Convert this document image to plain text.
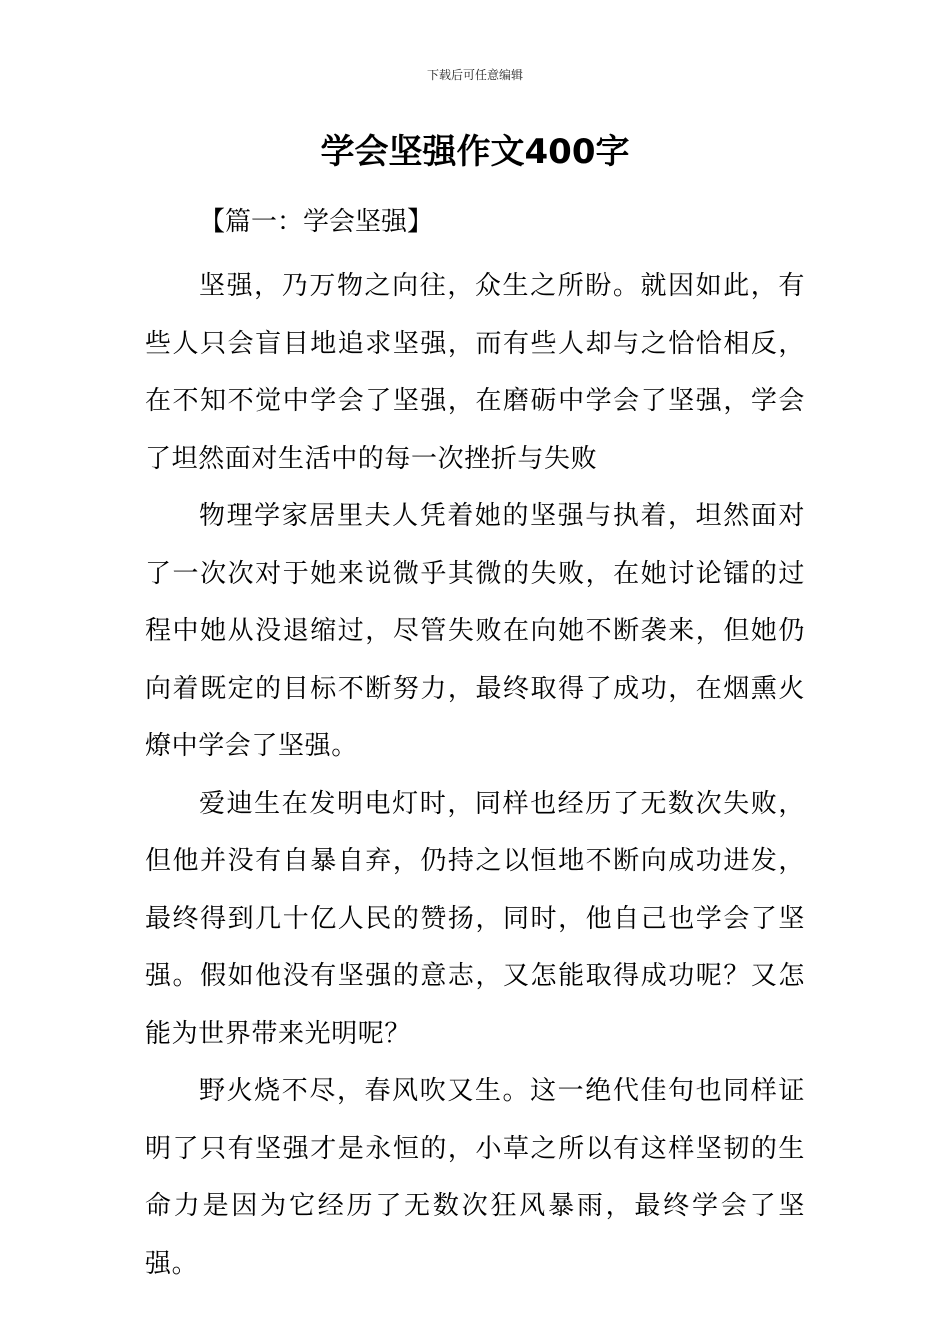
下载后可任意编辑
学会坚强作文400字
【篇一：学会坚强】

坚强，乃万物之向往，众生之所盼。就因如此，有些人只会盲目地追求坚强，而有些人却与之恰恰相反，在不知不觉中学会了坚强，在磨砺中学会了坚强，学会了坦然面对生活中的每一次挫折与失败

物理学家居里夫人凭着她的坚强与执着，坦然面对了一次次对于她来说微乎其微的失败，在她讨论镭的过程中她从没退缩过，尽管失败在向她不断袭来，但她仍向着既定的目标不断努力，最终取得了成功，在烟熏火燎中学会了坚强。

爱迪生在发明电灯时，同样也经历了无数次失败，但他并没有自暴自弃，仍持之以恒地不断向成功进发，最终得到几十亿人民的赞扬，同时，他自己也学会了坚强。假如他没有坚强的意志，又怎能取得成功呢？又怎能为世界带来光明呢？

野火烧不尽，春风吹又生。这一绝代佳句也同样证明了只有坚强才是永恒的，小草之所以有这样坚韧的生命力是因为它经历了无数次狂风暴雨，最终学会了坚强。
